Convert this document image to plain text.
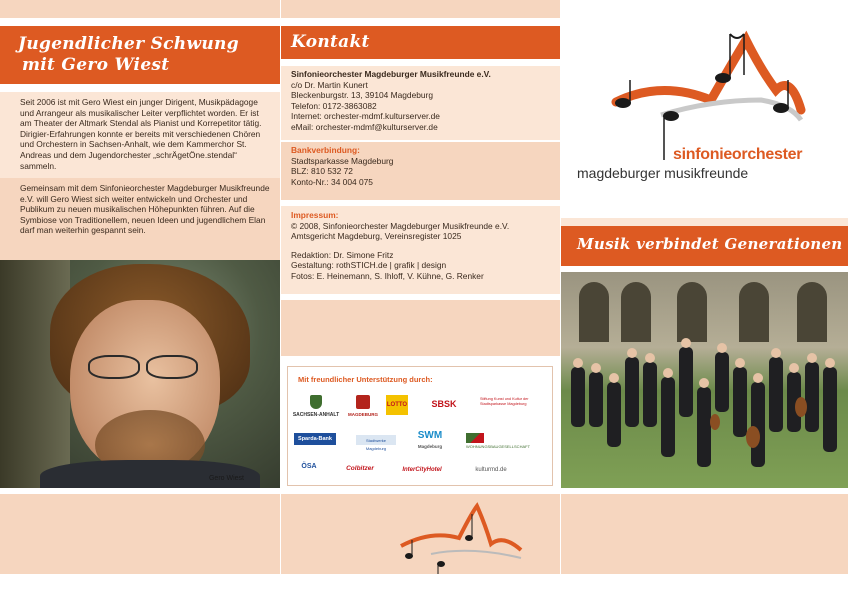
Jugendlicher Schwung
mit Gero Wiest

Seit 2006 ist mit Gero Wiest ein junger Dirigent, Musikpädagoge und Arrangeur als musikalischer Leiter verpflichtet worden. Er ist am Theater der Altmark Stendal als Pianist und Korrepetitor tätig. Dirigier-Erfahrungen konnte er bereits mit verschiedenen Chören und Orchestern in Sachsen-Anhalt, wie dem Kammerchor St. Andreas und dem Jugendorchester „schrÄgetÖne.stendal“ sammeln.

Gemeinsam mit dem Sinfonieorchester Magdeburger Musikfreunde e.V. will Gero Wiest sich weiter entwickeln und Orchester und Publikum zu neuen musikalischen Höhepunkten führen. Auf die Symbiose von Traditionellem, neuen Ideen und jugendlichem Elan darf man weiterhin gespannt sein.

Gero Wiest
Kontakt
Sinfonieorchester Magdeburger Musikfreunde e.V.
c/o Dr. Martin Kunert
Bleckenburgstr. 13, 39104 Magdeburg
Telefon: 0172-3863082
Internet: orchester-mdmf.kulturserver.de
eMail: orchester-mdmf@kulturserver.de
Bankverbindung:
Stadtsparkasse Magdeburg
BLZ: 810 532 72
Konto-Nr.: 34 004 075
Impressum:
© 2008, Sinfonieorchester Magdeburger Musikfreunde e.V.
Amtsgericht Magdeburg, Vereinsregister 1025
Redaktion: Dr. Simone Fritz
Gestaltung: rothSTICH.de | grafik | design
Fotos: E. Heinemann, S. Ihloff, V. Kühne, G. Renker
Mit freundlicher Unterstützung durch:
SACHSEN-ANHALT	MAGDEBURG
LOTTO	SBSK	Stiftung Kunst und Kultur der Stadtsparkasse Magdeburg
Sparda-Bank	Stadtwerke Magdeburg
SWM
Magdeburg	WOHNUNGSBAUGESELLSCHAFT
ÖSA	Colbitzer	InterCityHotel	kulturmd.de
sinfonieorchester
magdeburger musikfreunde
Musik verbindet Generationen
